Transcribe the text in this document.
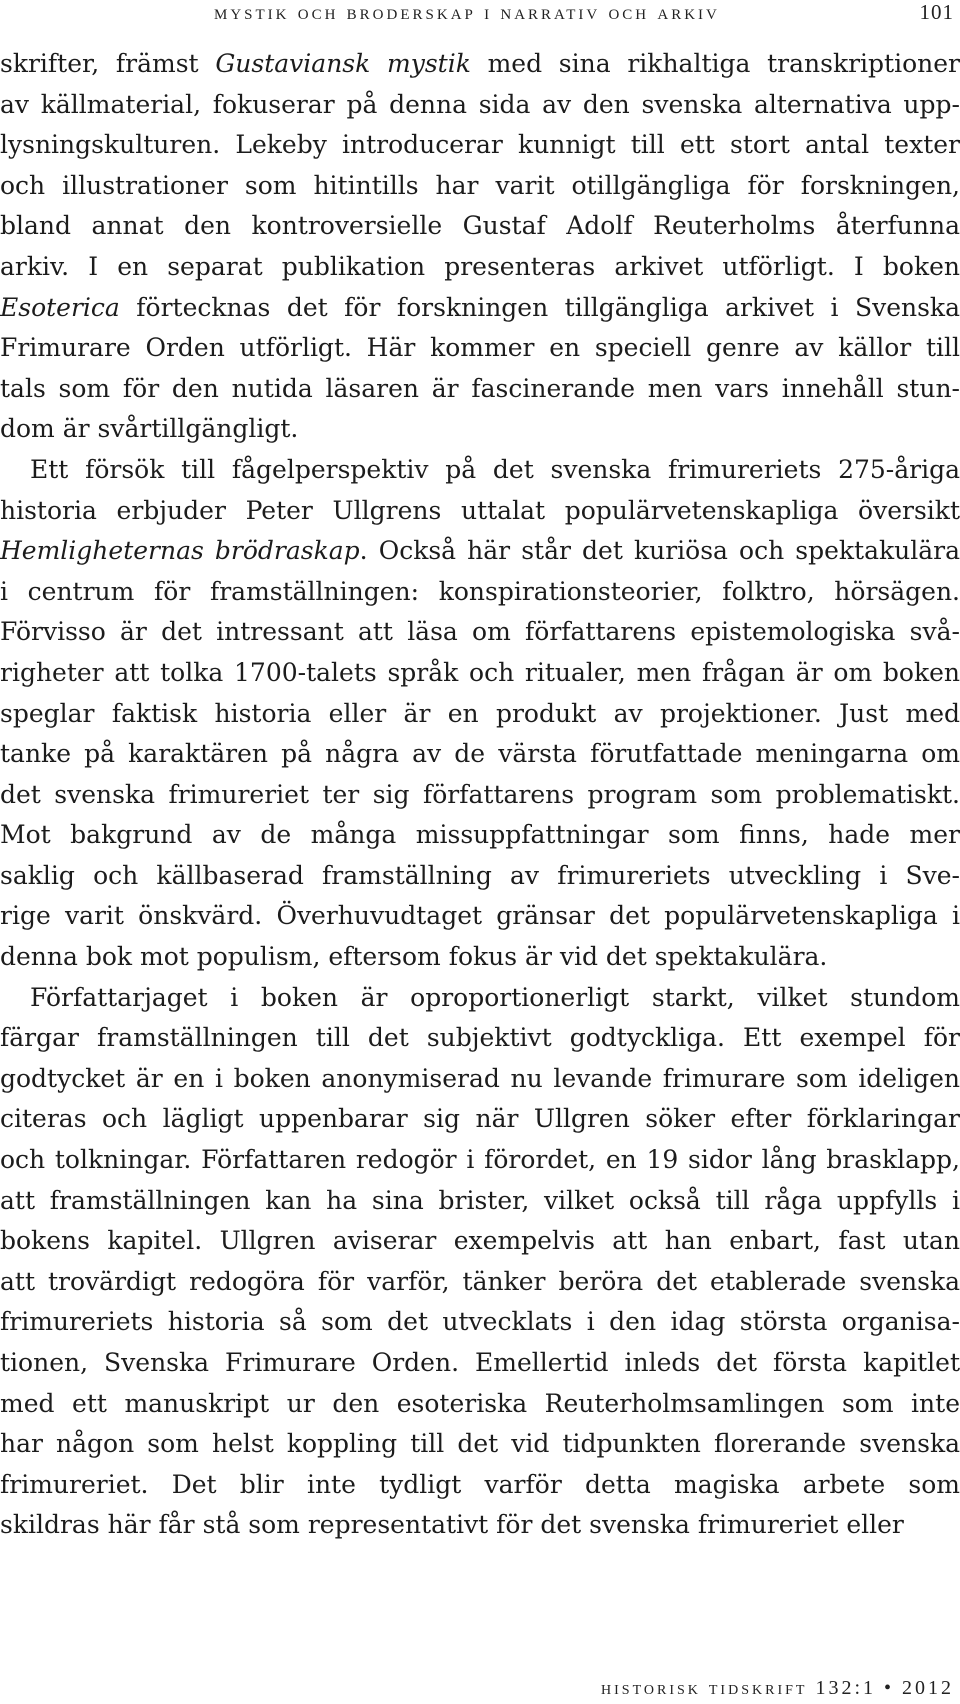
mystik och broderskap i narrativ och arkiv	101
skrifter, främst Gustaviansk mystik med sina rikhaltiga transkriptioner
av källmaterial, fokuserar på denna sida av den svenska alternativa upp-
lysningskulturen. Lekeby introducerar kunnigt till ett stort antal texter
och illustrationer som hitintills har varit otillgängliga för forskningen,
bland annat den kontroversielle Gustaf Adolf Reuterholms återfunna
arkiv. I en separat publikation presenteras arkivet utförligt. I boken
Esoterica förtecknas det för forskningen tillgängliga arkivet i Svenska
Frimurare Orden utförligt. Här kommer en speciell genre av källor till
tals som för den nutida läsaren är fascinerande men vars innehåll stun-
dom är svårtillgängligt.
Ett försök till fågelperspektiv på det svenska frimureriets 275-åriga
historia erbjuder Peter Ullgrens uttalat populärvetenskapliga översikt
Hemligheternas brödraskap. Också här står det kuriösa och spektakulära
i centrum för framställningen: konspirationsteorier, folktro, hörsägen.
Förvisso är det intressant att läsa om författarens epistemologiska svå-
righeter att tolka 1700-talets språk och ritualer, men frågan är om boken
speglar faktisk historia eller är en produkt av projektioner. Just med
tanke på karaktären på några av de värsta förutfattade meningarna om
det svenska frimureriet ter sig författarens program som problematiskt.
Mot bakgrund av de många missuppfattningar som finns, hade mer
saklig och källbaserad framställning av frimureriets utveckling i Sve-
rige varit önskvärd. Överhuvudtaget gränsar det populärvetenskapliga i
denna bok mot populism, eftersom fokus är vid det spektakulära.
Författarjaget i boken är oproportionerligt starkt, vilket stundom
färgar framställningen till det subjektivt godtyckliga. Ett exempel för
godtycket är en i boken anonymiserad nu levande frimurare som ideligen
citeras och lägligt uppenbarar sig när Ullgren söker efter förklaringar
och tolkningar. Författaren redogör i förordet, en 19 sidor lång brasklapp,
att framställningen kan ha sina brister, vilket också till råga uppfylls i
bokens kapitel. Ullgren aviserar exempelvis att han enbart, fast utan
att trovärdigt redogöra för varför, tänker beröra det etablerade svenska
frimureriets historia så som det utvecklats i den idag största organisa-
tionen, Svenska Frimurare Orden. Emellertid inleds det första kapitlet
med ett manuskript ur den esoteriska Reuterholmsamlingen som inte
har någon som helst koppling till det vid tidpunkten florerande svenska
frimureriet. Det blir inte tydligt varför detta magiska arbete som
skildras här får stå som representativt för det svenska frimureriet eller
historisk tidskrift 132:1 • 2012
